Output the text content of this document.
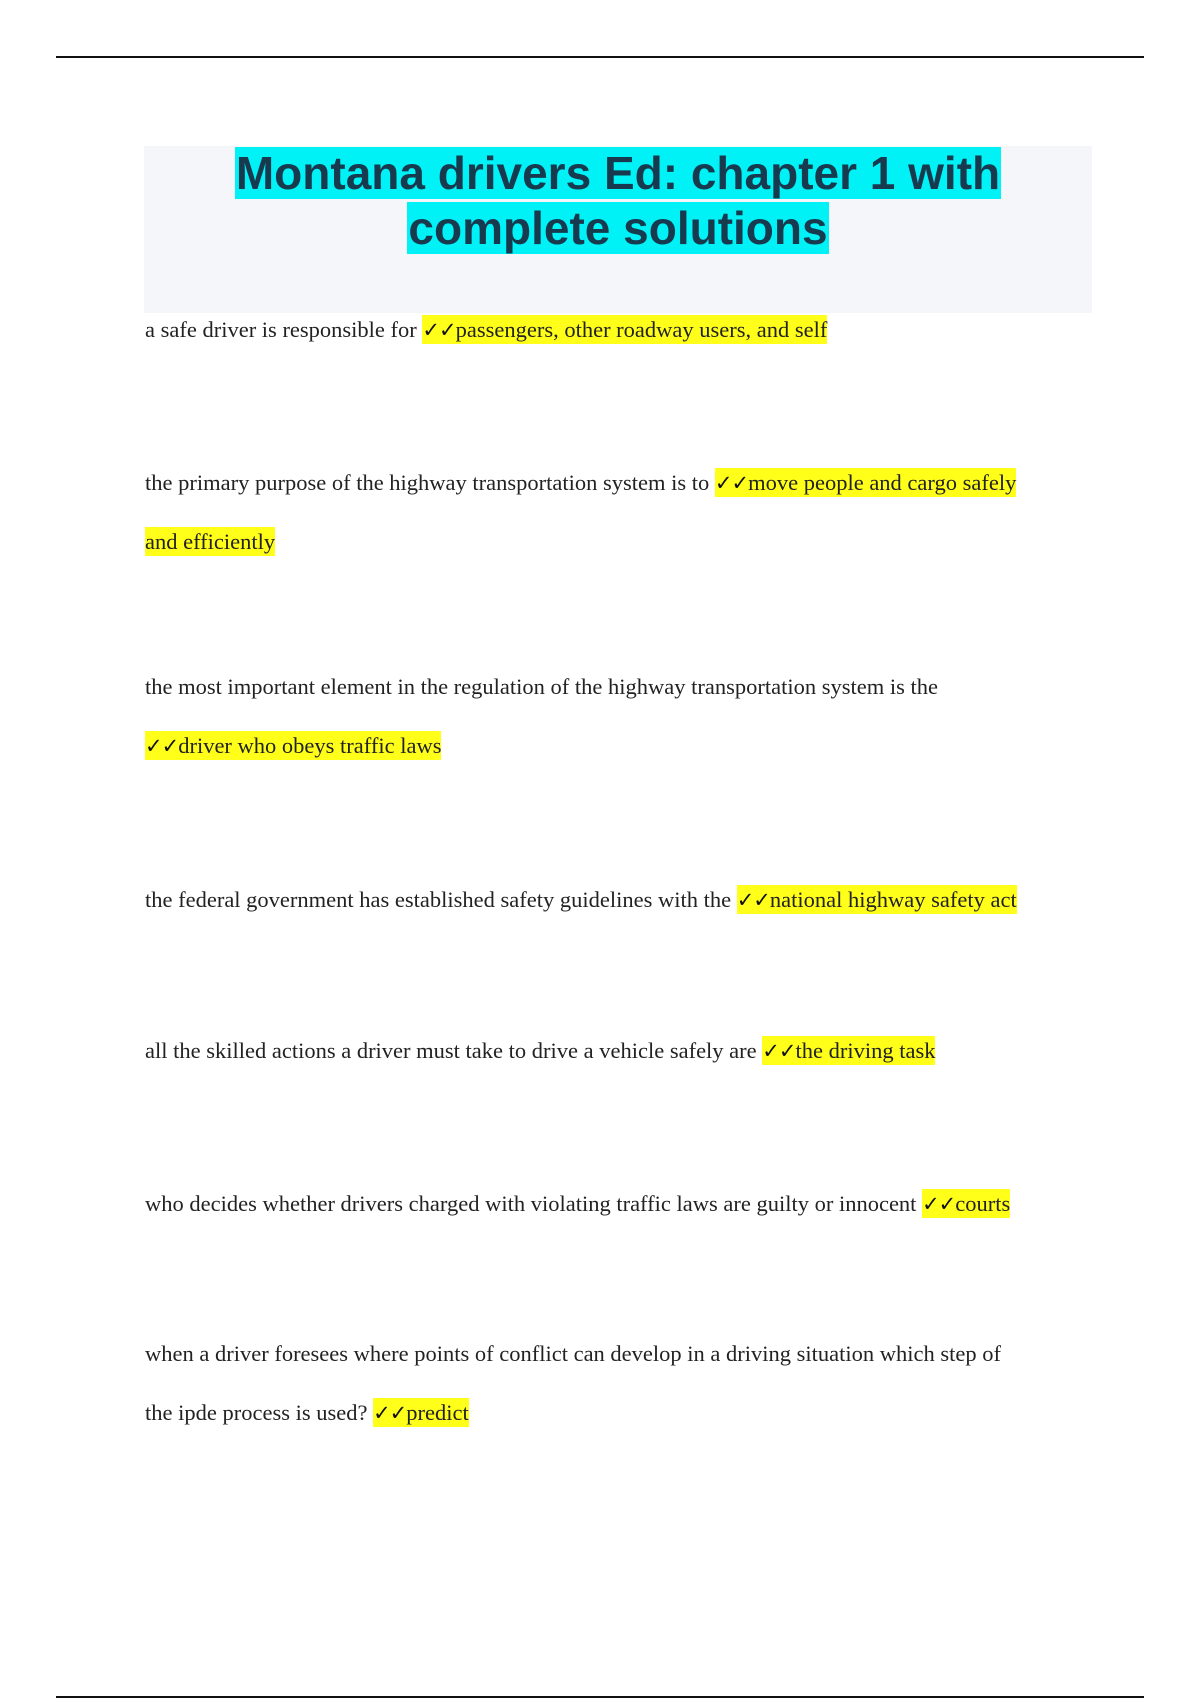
Montana drivers Ed: chapter 1 with
complete solutions

a safe driver is responsible for ✓✓passengers, other roadway users, and self

the primary purpose of the highway transportation system is to ✓✓move people and cargo safely
and efficiently

the most important element in the regulation of the highway transportation system is the
✓✓driver who obeys traffic laws

the federal government has established safety guidelines with the ✓✓national highway safety act

all the skilled actions a driver must take to drive a vehicle safely are ✓✓the driving task

who decides whether drivers charged with violating traffic laws are guilty or innocent ✓✓courts

when a driver foresees where points of conflict can develop in a driving situation which step of
the ipde process is used? ✓✓predict
